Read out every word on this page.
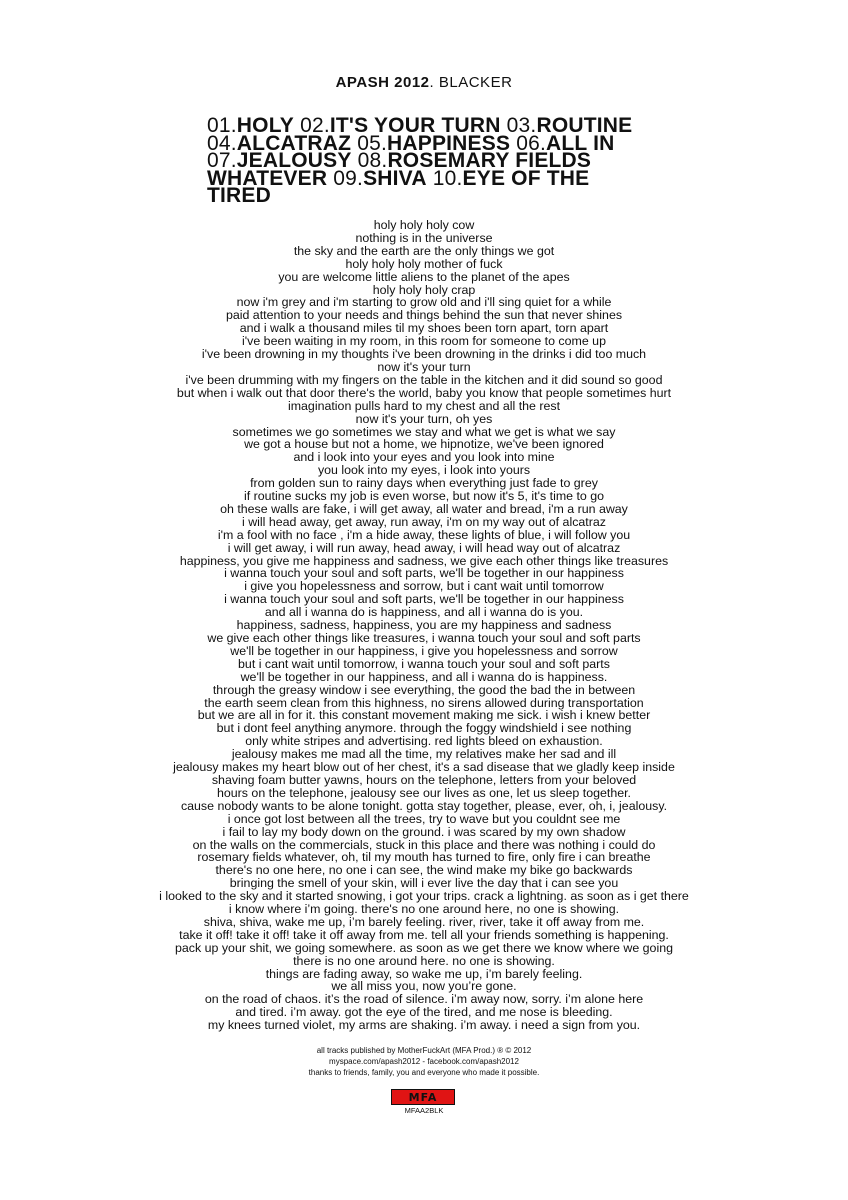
APASH 2012. BLACKER
01.HOLY 02.IT'S YOUR TURN 03.ROUTINE 04.ALCATRAZ 05.HAPPINESS 06.ALL IN 07.JEALOUSY 08.ROSEMARY FIELDS WHATEVER 09.SHIVA 10.EYE OF THE TIRED
holy holy holy cow
nothing is in the universe
the sky and the earth are the only things we got
holy holy holy mother of fuck
you are welcome little aliens to the planet of the apes
holy holy holy crap
now i'm grey and i'm starting to grow old and i'll sing quiet for a while
paid attention to your needs and things behind the sun that never shines
and i walk a thousand miles til my shoes been torn apart, torn apart
i've been waiting in my room, in this room for someone to come up
i've been drowning in my thoughts i've been drowning in the drinks i did too much
now it's your turn
i've been drumming with my fingers on the table in the kitchen and it did sound so good
but when i walk out that door there's the world, baby you know that people sometimes hurt
imagination pulls hard to my chest and all the rest
now it's your turn, oh yes
sometimes we go sometimes we stay and what we get is what we say
we got a house but not a home, we hipnotize, we've been ignored
and i look into your eyes and you look into mine
you look into my eyes, i look into yours
from golden sun to rainy days when everything just fade to grey
if routine sucks my job is even worse, but now it's 5, it's time to go
oh these walls are fake, i will get away, all water and bread, i'm a run away
i will head away, get away, run away, i'm on my way out of alcatraz
i'm a fool with no face , i'm a hide away, these lights of blue, i will follow you
i will get away, i will run away, head away, i will head way out of alcatraz
happiness, you give me happiness and sadness, we give each other things like treasures
i wanna touch your soul and soft parts, we'll be together in our happiness
i give you hopelessness and sorrow, but i cant wait until tomorrow
i wanna touch your soul and soft parts, we'll be together in our happiness
and all i wanna do is happiness, and all i wanna do is you.
happiness, sadness, happiness, you are my happiness and sadness
we give each other things like treasures, i wanna touch your soul and soft parts
we'll be together in our happiness, i give you hopelessness and sorrow
but i cant wait until tomorrow, i wanna touch your soul and soft parts
we'll be together in our happiness, and all i wanna do is happiness.
through the greasy window i see everything, the good the bad the in between
the earth seem clean from this highness, no sirens allowed during transportation
but we are all in for it. this constant movement making me sick. i wish i knew better
but i dont feel anything anymore. through the foggy windshield i see nothing
only white stripes and advertising. red lights bleed on exhaustion.
jealousy makes me mad all the time, my relatives make her sad and ill
jealousy makes my heart blow out of her chest, it's a sad disease that we gladly keep inside
shaving foam butter yawns, hours on the telephone, letters from your beloved
hours on the telephone, jealousy see our lives as one, let us sleep together.
cause nobody wants to be alone tonight. gotta stay together, please, ever, oh, i, jealousy.
i once got lost between all the trees, try to wave but you couldnt see me
i fail to lay my body down on the ground. i was scared by my own shadow
on the walls on the commercials, stuck in this place and there was nothing i could do
rosemary fields whatever, oh, til my mouth has turned to fire, only fire i can breathe
there's no one here, no one i can see, the wind make my bike go backwards
bringing the smell of your skin, will i ever live the day that i can see you
i looked to the sky and it started snowing, i got your trips. crack a lightning. as soon as i get there
i know where i’m going. there's no one around here, no one is showing.
shiva, shiva, wake me up, i’m barely feeling. river, river, take it off away from me.
take it off! take it off! take it off away from me. tell all your friends something is happening.
pack up your shit, we going somewhere. as soon as we get there we know where we going
there is no one around here. no one is showing.
things are fading away, so wake me up, i’m barely feeling.
we all miss you, now you’re gone.
on the road of chaos. it’s the road of silence. i’m away now, sorry. i’m alone here
and tired. i’m away. got the eye of the tired, and me nose is bleeding.
my knees turned violet, my arms are shaking. i’m away. i need a sign from you.
all tracks published by MotherFuckArt (MFA Prod.) ® © 2012
myspace.com/apash2012 - facebook.com/apash2012
thanks to friends, family, you and everyone who made it possible.
MFA
MFAA2BLK
